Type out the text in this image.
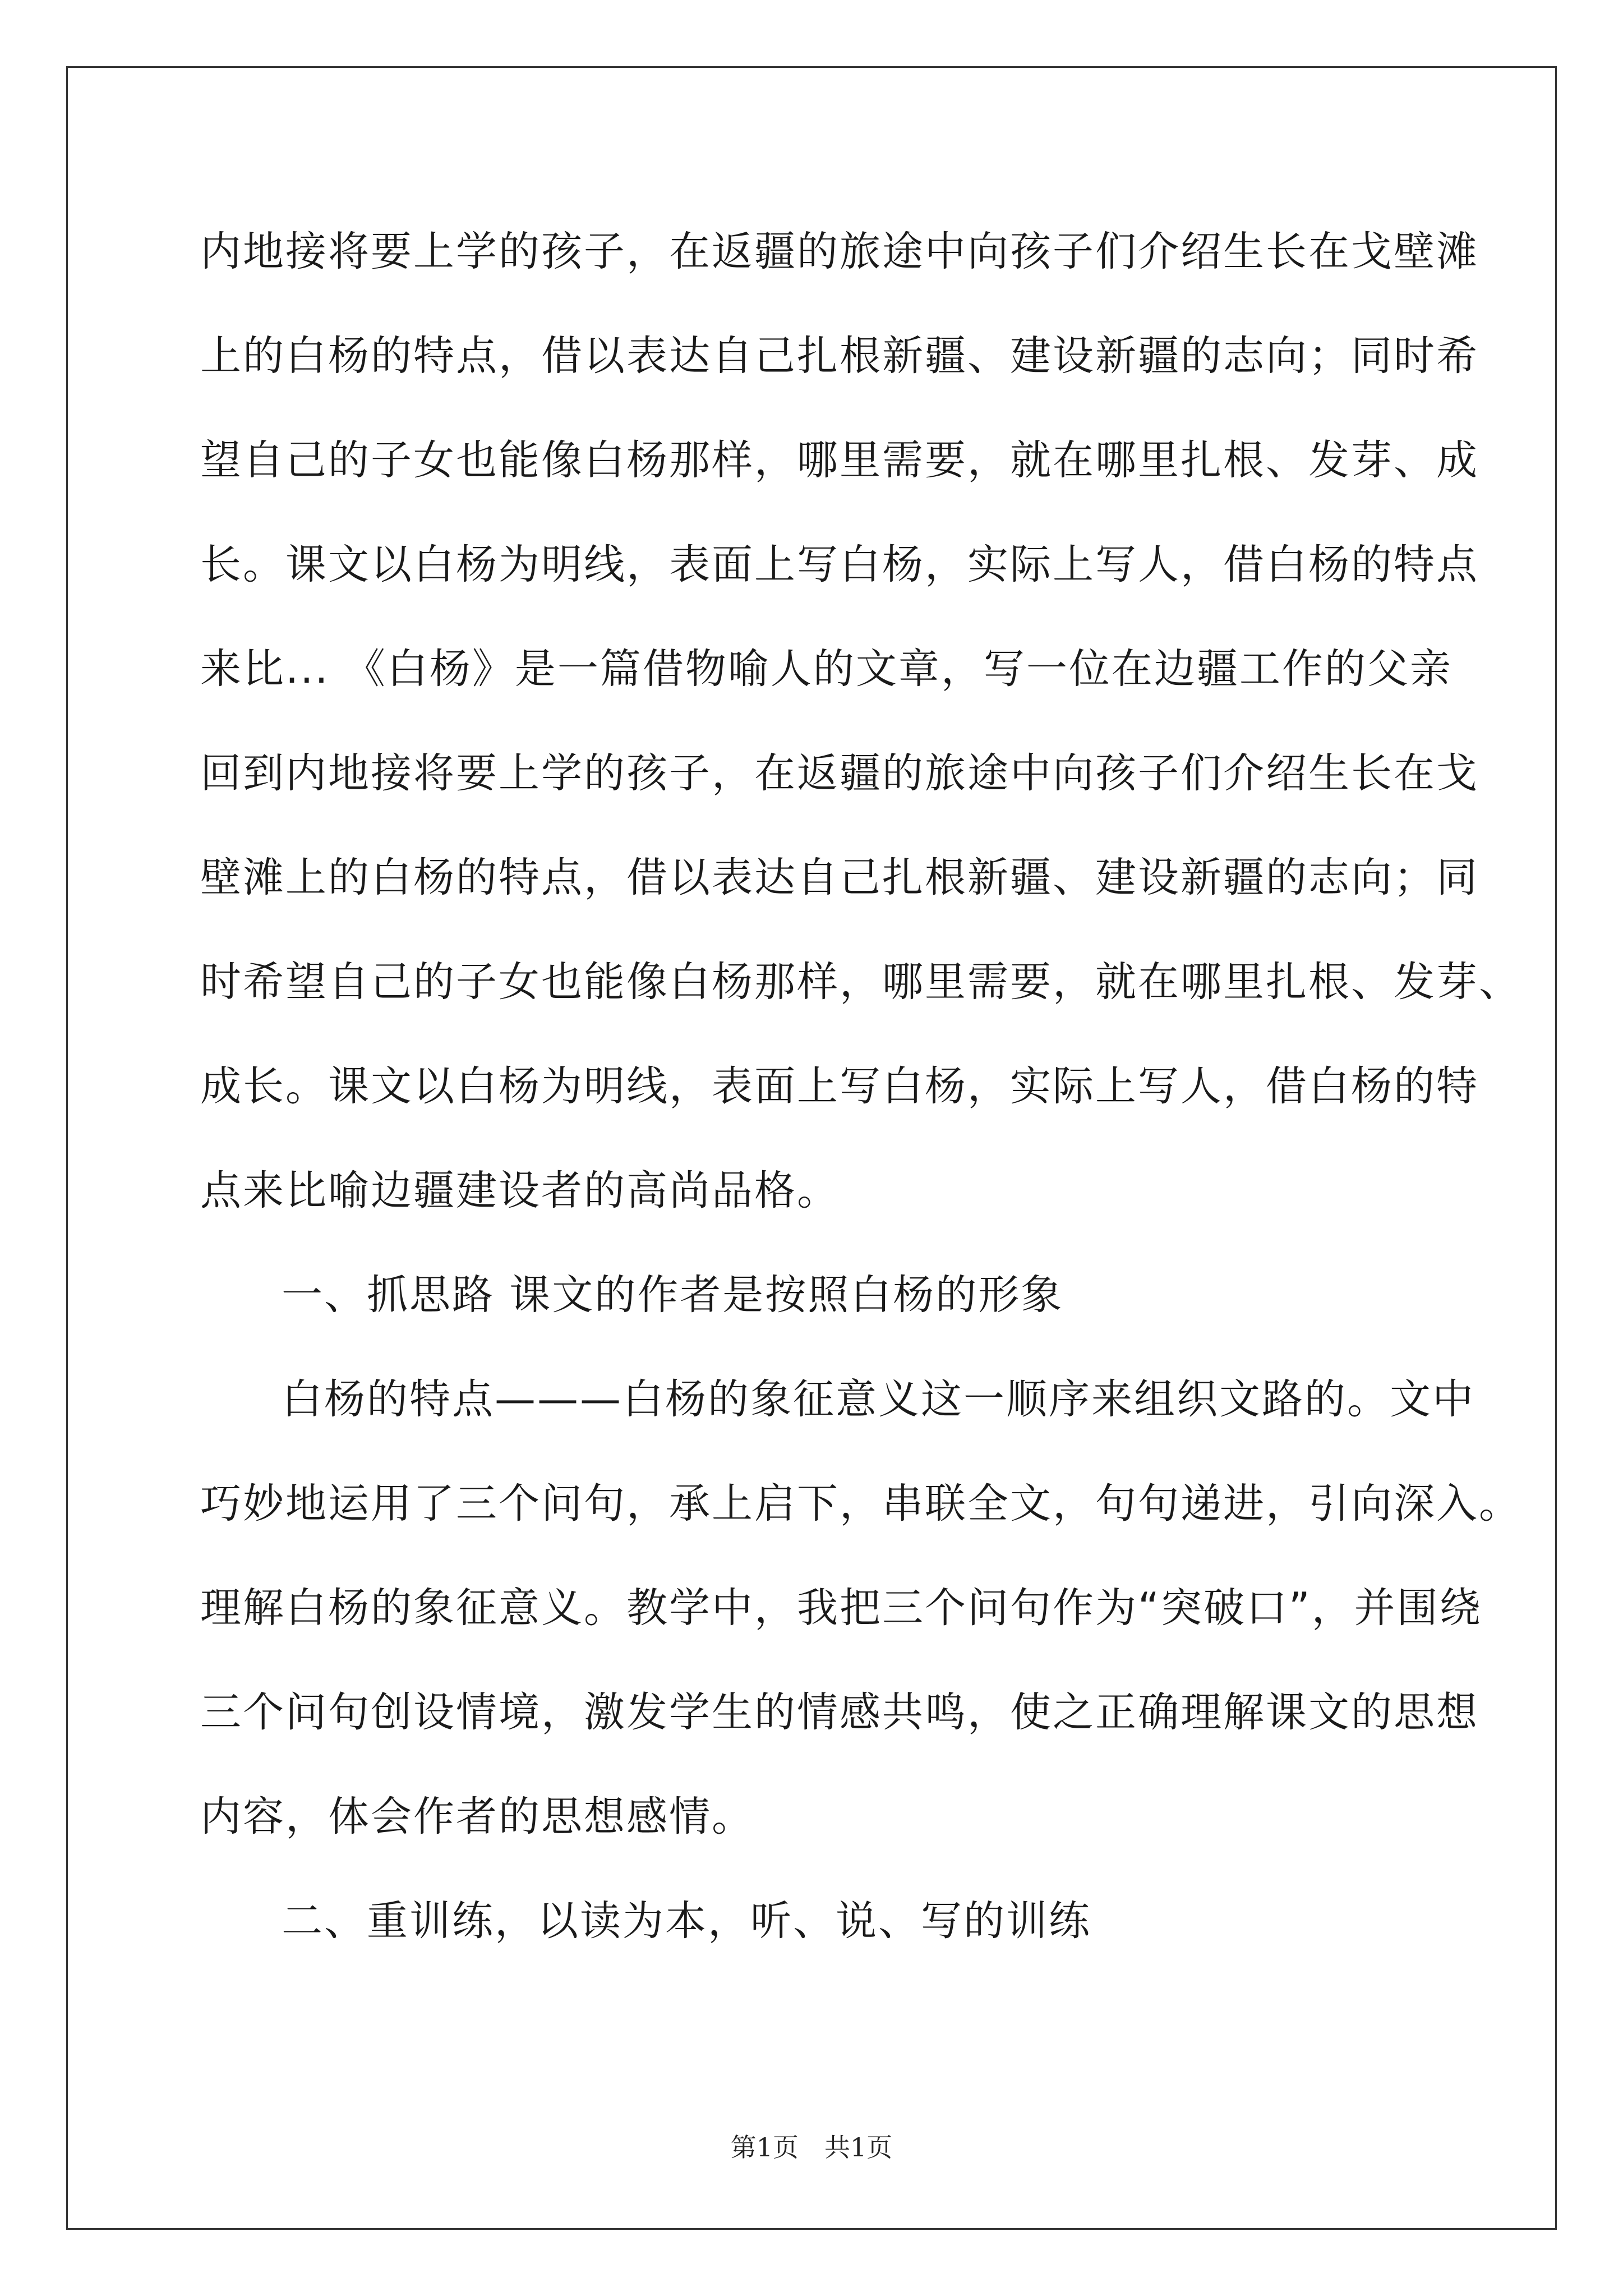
内地接将要上学的孩子，在返疆的旅途中向孩子们介绍生长在戈壁滩
上的白杨的特点，借以表达自己扎根新疆、建设新疆的志向；同时希
望自己的子女也能像白杨那样，哪里需要，就在哪里扎根、发芽、成
长。课文以白杨为明线，表面上写白杨，实际上写人，借白杨的特点
来比... 《白杨》是一篇借物喻人的文章，写一位在边疆工作的父亲
回到内地接将要上学的孩子，在返疆的旅途中向孩子们介绍生长在戈
壁滩上的白杨的特点，借以表达自己扎根新疆、建设新疆的志向；同
时希望自己的子女也能像白杨那样，哪里需要，就在哪里扎根、发芽、
成长。课文以白杨为明线，表面上写白杨，实际上写人，借白杨的特
点来比喻边疆建设者的高尚品格。
一、抓思路 课文的作者是按照白杨的形象
白杨的特点———白杨的象征意义这一顺序来组织文路的。文中
巧妙地运用了三个问句，承上启下，串联全文，句句递进，引向深入。
理解白杨的象征意义。教学中，我把三个问句作为“突破口”，并围绕
三个问句创设情境，激发学生的情感共鸣，使之正确理解课文的思想
内容，体会作者的思想感情。
二、重训练，以读为本，听、说、写的训练
第1页　共1页
